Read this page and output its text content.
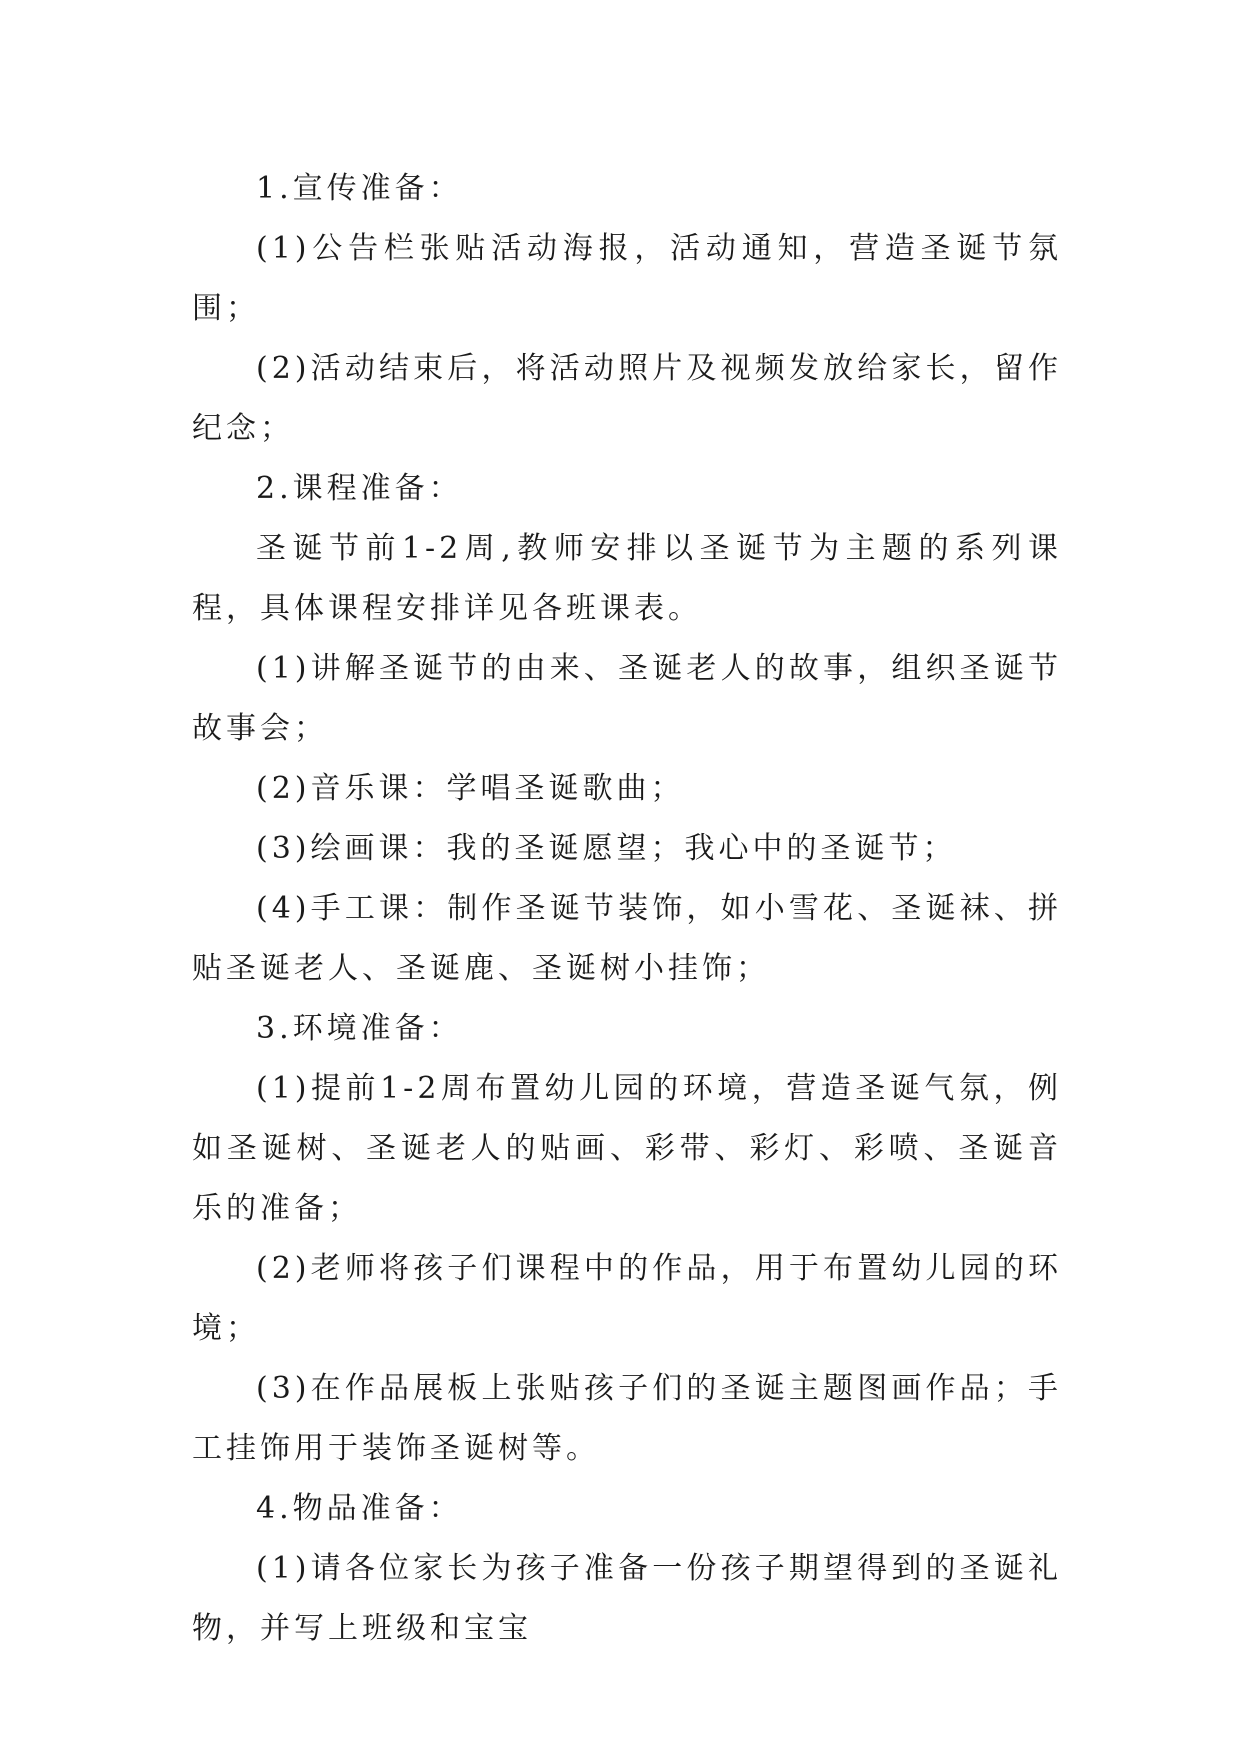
1.宣传准备：

(1)公告栏张贴活动海报，活动通知，营造圣诞节氛围；

(2)活动结束后，将活动照片及视频发放给家长，留作纪念；

2.课程准备：

圣诞节前1-2周,教师安排以圣诞节为主题的系列课程，具体课程安排详见各班课表。

(1)讲解圣诞节的由来、圣诞老人的故事，组织圣诞节故事会；

(2)音乐课：学唱圣诞歌曲；

(3)绘画课：我的圣诞愿望；我心中的圣诞节；

(4)手工课：制作圣诞节装饰，如小雪花、圣诞袜、拼贴圣诞老人、圣诞鹿、圣诞树小挂饰；

3.环境准备：

(1)提前1-2周布置幼儿园的环境，营造圣诞气氛，例如圣诞树、圣诞老人的贴画、彩带、彩灯、彩喷、圣诞音乐的准备；

(2)老师将孩子们课程中的作品，用于布置幼儿园的环境；

(3)在作品展板上张贴孩子们的圣诞主题图画作品；手工挂饰用于装饰圣诞树等。

4.物品准备：

(1)请各位家长为孩子准备一份孩子期望得到的圣诞礼物，并写上班级和宝宝
